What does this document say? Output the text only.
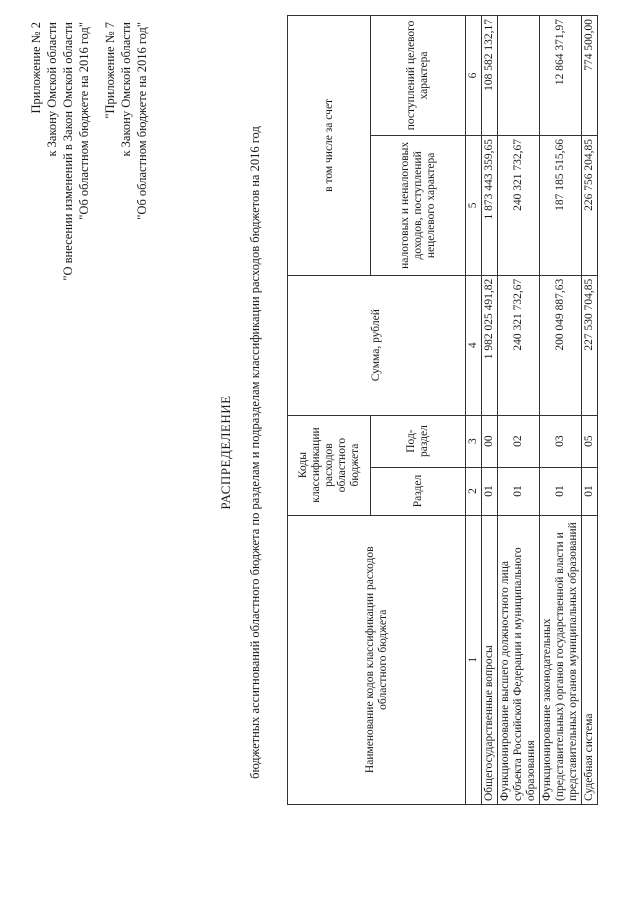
Приложение № 2 к Закону Омской области "О внесении изменений в Закон Омской области "Об областном бюджете на 2016 год" "Приложение № 7 к Закону Омской области "Об областном бюджете на 2016 год"
РАСПРЕДЕЛЕНИЕ бюджетных ассигнований областного бюджета по разделам и подразделам классификации расходов бюджетов на 2016 год	Наименование кодов классификации расходов областного бюджета	Коды классификации расходов областного бюджета		Сумма, рублей	в том числе за счет	
	Раздел	Под-раздел		налоговых и неналоговых доходов, поступлений нецелевого характера	поступлений целевого характера
1	2	3	4	5	6
Общегосударственные вопросы	01	00	1 982 025 491,82	1 873 443 359,65	108 582 132,17
Функционирование высшего должностного лица субъекта Российской Федерации и муниципального образования	01	02	240 321 732,67	240 321 732,67	
Функционирование законодательных (представительных) органов государственной власти и представительных органов муниципальных образований	01	03	200 049 887,63	187 185 515,66	12 864 371,97
Судебная система	01	05	227 530 704,85	226 756 204,85	774 500,00
